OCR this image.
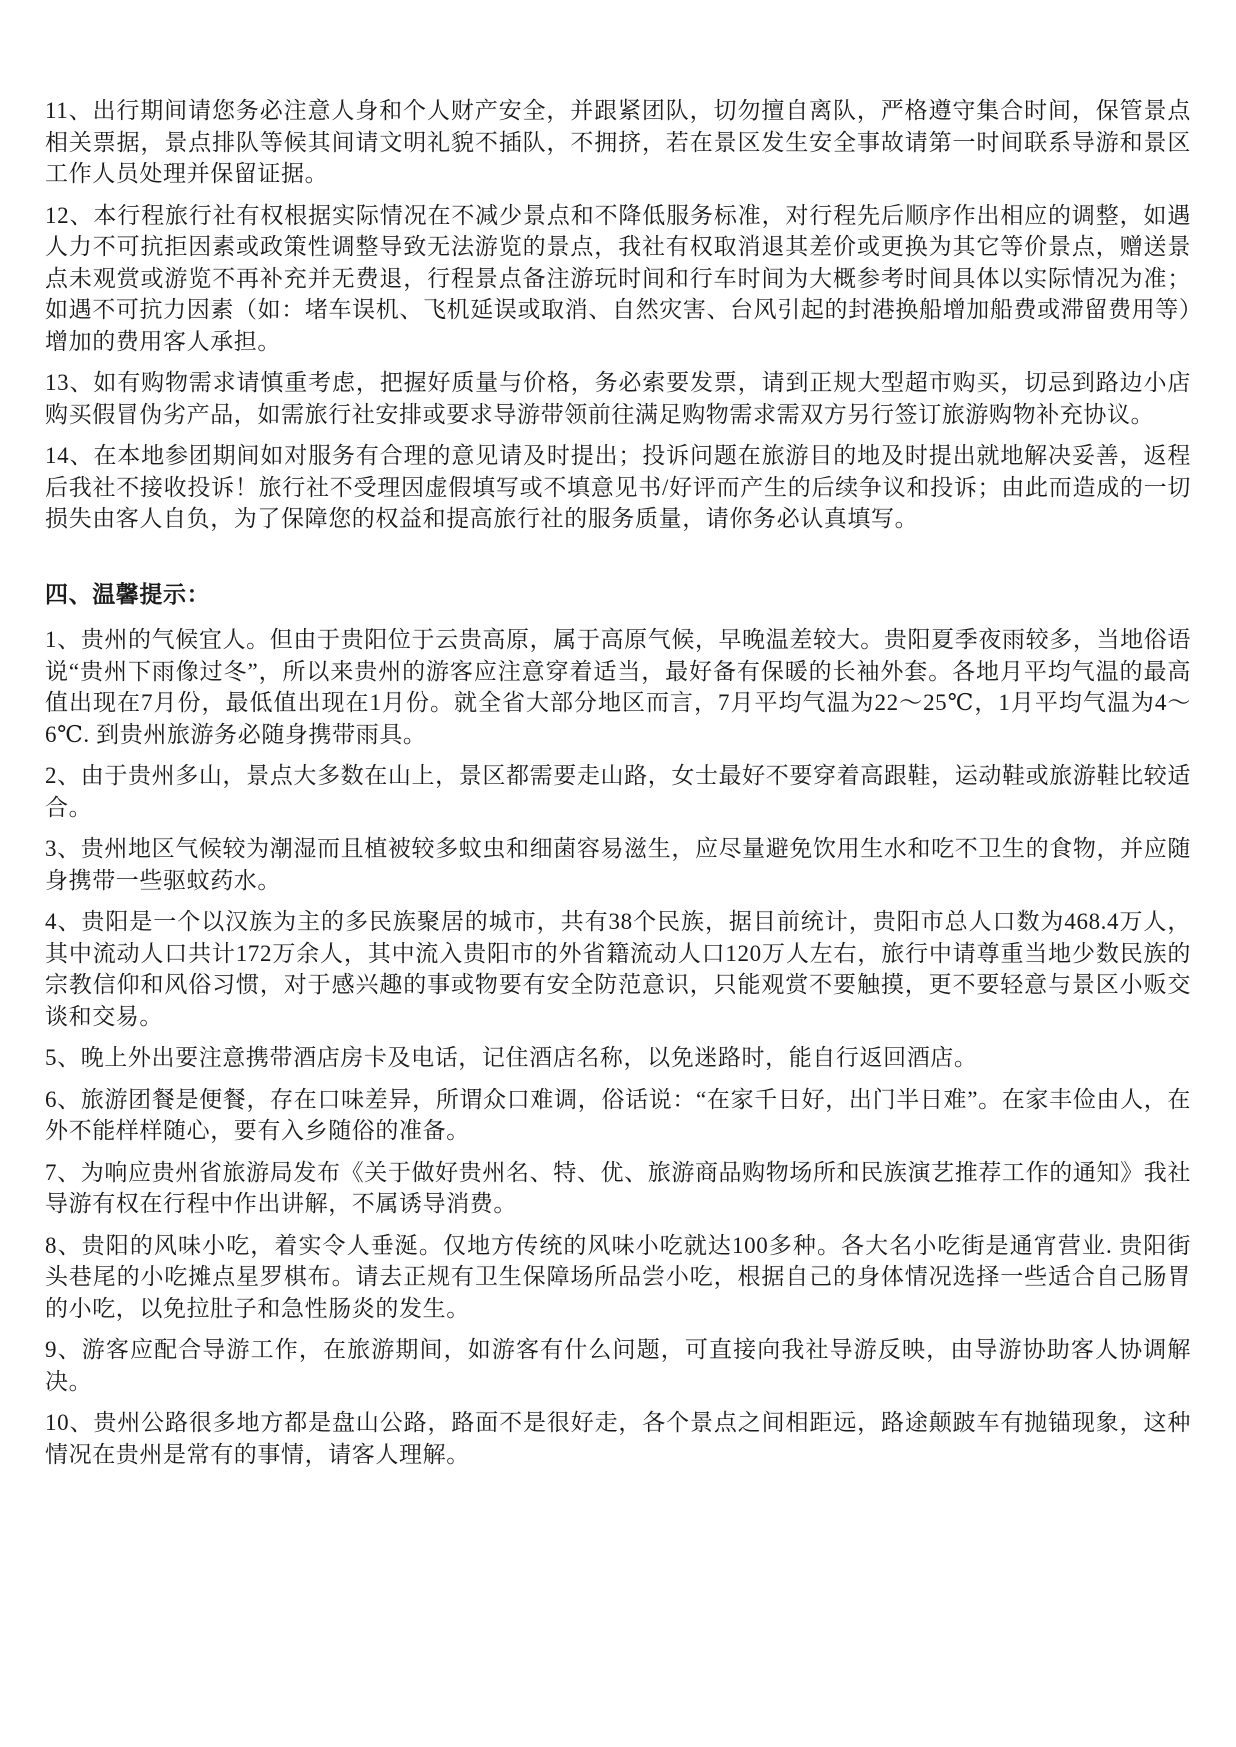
11、出行期间请您务必注意人身和个人财产安全，并跟紧团队，切勿擅自离队，严格遵守集合时间，保管景点相关票据，景点排队等候其间请文明礼貌不插队，不拥挤，若在景区发生安全事故请第一时间联系导游和景区工作人员处理并保留证据。

12、本行程旅行社有权根据实际情况在不减少景点和不降低服务标准，对行程先后顺序作出相应的调整，如遇人力不可抗拒因素或政策性调整导致无法游览的景点，我社有权取消退其差价或更换为其它等价景点，赠送景点未观赏或游览不再补充并无费退，行程景点备注游玩时间和行车时间为大概参考时间具体以实际情况为准；如遇不可抗力因素（如：堵车误机、飞机延误或取消、自然灾害、台风引起的封港换船增加船费或滞留费用等）增加的费用客人承担。

13、如有购物需求请慎重考虑，把握好质量与价格，务必索要发票，请到正规大型超市购买，切忌到路边小店购买假冒伪劣产品，如需旅行社安排或要求导游带领前往满足购物需求需双方另行签订旅游购物补充协议。

14、在本地参团期间如对服务有合理的意见请及时提出；投诉问题在旅游目的地及时提出就地解决妥善，返程后我社不接收投诉！旅行社不受理因虚假填写或不填意见书/好评而产生的后续争议和投诉；由此而造成的一切损失由客人自负，为了保障您的权益和提高旅行社的服务质量，请你务必认真填写。

四、温馨提示：

1、贵州的气候宜人。但由于贵阳位于云贵高原，属于高原气候，早晚温差较大。贵阳夏季夜雨较多，当地俗语说“贵州下雨像过冬”，所以来贵州的游客应注意穿着适当，最好备有保暖的长袖外套。各地月平均气温的最高值出现在7月份，最低值出现在1月份。就全省大部分地区而言，7月平均气温为22～25℃，1月平均气温为4～6℃. 到贵州旅游务必随身携带雨具。

2、由于贵州多山，景点大多数在山上，景区都需要走山路，女士最好不要穿着高跟鞋，运动鞋或旅游鞋比较适合。

3、贵州地区气候较为潮湿而且植被较多蚊虫和细菌容易滋生，应尽量避免饮用生水和吃不卫生的食物，并应随身携带一些驱蚊药水。

4、贵阳是一个以汉族为主的多民族聚居的城市，共有38个民族，据目前统计，贵阳市总人口数为468.4万人，其中流动人口共计172万余人，其中流入贵阳市的外省籍流动人口120万人左右，旅行中请尊重当地少数民族的宗教信仰和风俗习惯，对于感兴趣的事或物要有安全防范意识，只能观赏不要触摸，更不要轻意与景区小贩交谈和交易。

5、晚上外出要注意携带酒店房卡及电话，记住酒店名称，以免迷路时，能自行返回酒店。

6、旅游团餐是便餐，存在口味差异，所谓众口难调，俗话说：“在家千日好，出门半日难”。在家丰俭由人，在外不能样样随心，要有入乡随俗的准备。

7、为响应贵州省旅游局发布《关于做好贵州名、特、优、旅游商品购物场所和民族演艺推荐工作的通知》我社导游有权在行程中作出讲解，不属诱导消费。

8、贵阳的风味小吃，着实令人垂涎。仅地方传统的风味小吃就达100多种。各大名小吃街是通宵营业. 贵阳街头巷尾的小吃摊点星罗棋布。请去正规有卫生保障场所品尝小吃，根据自己的身体情况选择一些适合自己肠胃的小吃，以免拉肚子和急性肠炎的发生。

9、游客应配合导游工作，在旅游期间，如游客有什么问题，可直接向我社导游反映，由导游协助客人协调解决。

10、贵州公路很多地方都是盘山公路，路面不是很好走，各个景点之间相距远，路途颠跛车有抛锚现象，这种情况在贵州是常有的事情，请客人理解。
